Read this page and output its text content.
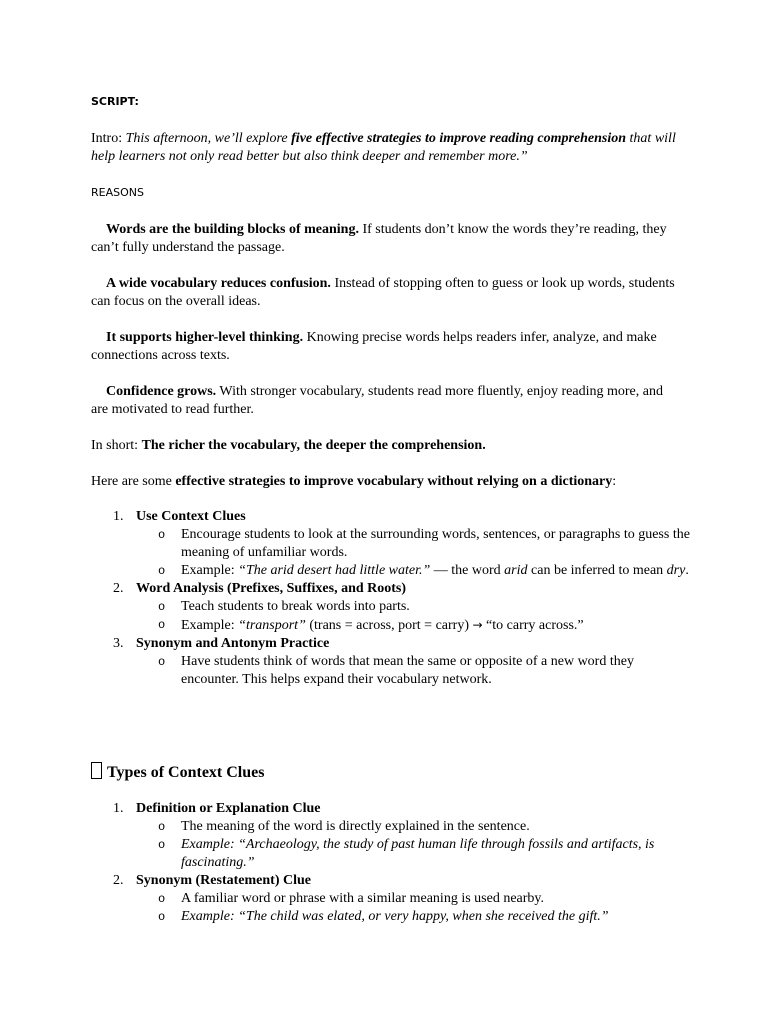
SCRIPT:

Intro: This afternoon, we’ll explore five effective strategies to improve reading comprehension that will help learners not only read better but also think deeper and remember more.”

REASONS

Words are the building blocks of meaning. If students don’t know the words they’re reading, they can’t fully understand the passage.

A wide vocabulary reduces confusion. Instead of stopping often to guess or look up words, students can focus on the overall ideas.

It supports higher-level thinking. Knowing precise words helps readers infer, analyze, and make connections across texts.

Confidence grows. With stronger vocabulary, students read more fluently, enjoy reading more, and are motivated to read further.

In short: The richer the vocabulary, the deeper the comprehension.

Here are some effective strategies to improve vocabulary without relying on a dictionary:

1. Use Context Clues
o Encourage students to look at the surrounding words, sentences, or paragraphs to guess the meaning of unfamiliar words.
o Example: “The arid desert had little water.” — the word arid can be inferred to mean dry.
2. Word Analysis (Prefixes, Suffixes, and Roots)
o Teach students to break words into parts.
o Example: “transport” (trans = across, port = carry) → “to carry across.”
3. Synonym and Antonym Practice
o Have students think of words that mean the same or opposite of a new word they encounter. This helps expand their vocabulary network.
Types of Context Clues
1. Definition or Explanation Clue
o The meaning of the word is directly explained in the sentence.
o Example: “Archaeology, the study of past human life through fossils and artifacts, is fascinating.”
2. Synonym (Restatement) Clue
o A familiar word or phrase with a similar meaning is used nearby.
o Example: “The child was elated, or very happy, when she received the gift.”
